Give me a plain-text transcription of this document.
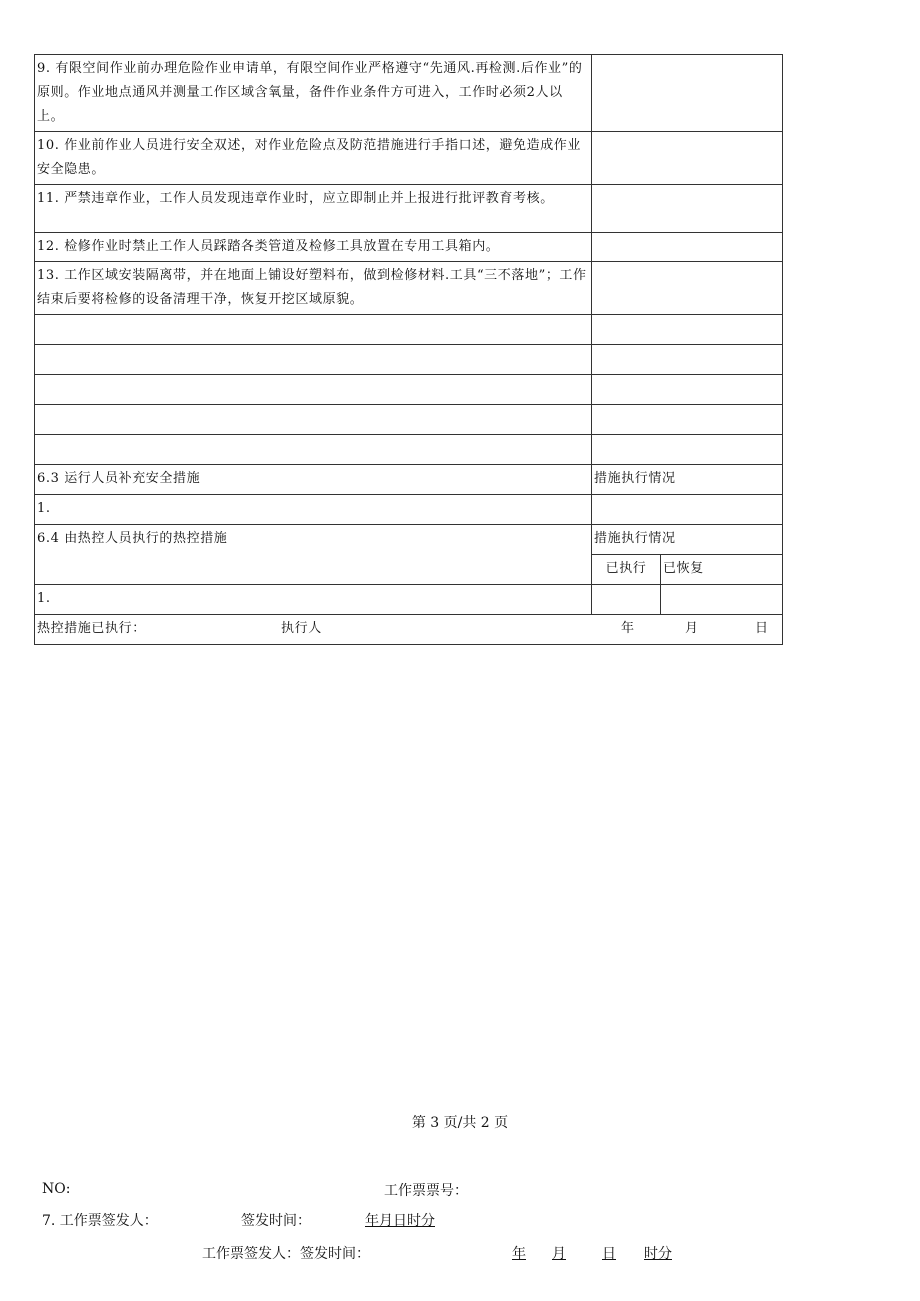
9. 有限空间作业前办理危险作业申请单，有限空间作业严格遵守“先通风.再检测.后作业”的原则。作业地点通风并测量工作区域含氧量，备件作业条件方可进入，工作时必须2人以上。		
10. 作业前作业人员进行安全双述，对作业危险点及防范措施进行手指口述，避免造成作业安全隐患。		
11. 严禁违章作业，工作人员发现违章作业时，应立即制止并上报进行批评教育考核。		
12. 检修作业时禁止工作人员踩踏各类管道及检修工具放置在专用工具箱内。		
13. 工作区域安装隔离带，并在地面上铺设好塑料布，做到检修材料.工具“三不落地”；工作结束后要将检修的设备清理干净，恢复开挖区域原貌。		

6.3 运行人员补充安全措施	措施执行情况	
1.		
6.4 由热控人员执行的热控措施	措施执行情况	
	已执行	已恢复
1.		

热控措施已执行： 执行人 年 月 日		
第 3 页/共 2 页
NO:	工作票票号：
7. 工作票签发人：	签发时间：	年月日时分
工作票签发人：签发时间：	年 月	日 时分
